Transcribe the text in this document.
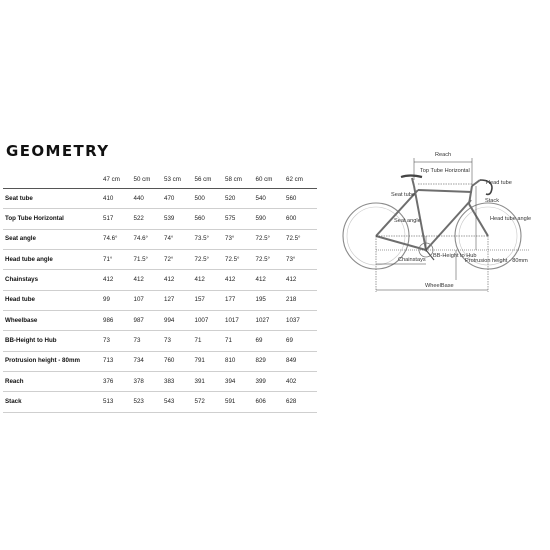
GEOMETRY
	47 cm	50 cm	53 cm	56 cm	58 cm	60 cm	62 cm
Seat tube	410	440	470	500	520	540	560
Top Tube Horizontal	517	522	539	560	575	590	600
Seat angle	74.6°	74.6°	74°	73.5°	73°	72.5°	72.5°
Head tube angle	71°	71.5°	72°	72.5°	72.5°	72.5°	73°
Chainstays	412	412	412	412	412	412	412
Head tube	99	107	127	157	177	195	218
Wheelbase	986	987	994	1007	1017	1027	1037
BB-Height to Hub	73	73	73	71	71	69	69
Protrusion height - 80mm	713	734	760	791	810	829	849
Reach	376	378	383	391	394	399	402
Stack	513	523	543	572	591	606	628
Reach
Top Tube Horizontal
Seat tube
Stack
Seat angle	Head tube angle
Head tube
BB-Height to Hub
Chainstays	Protrusion height - 80mm
WheelBase
